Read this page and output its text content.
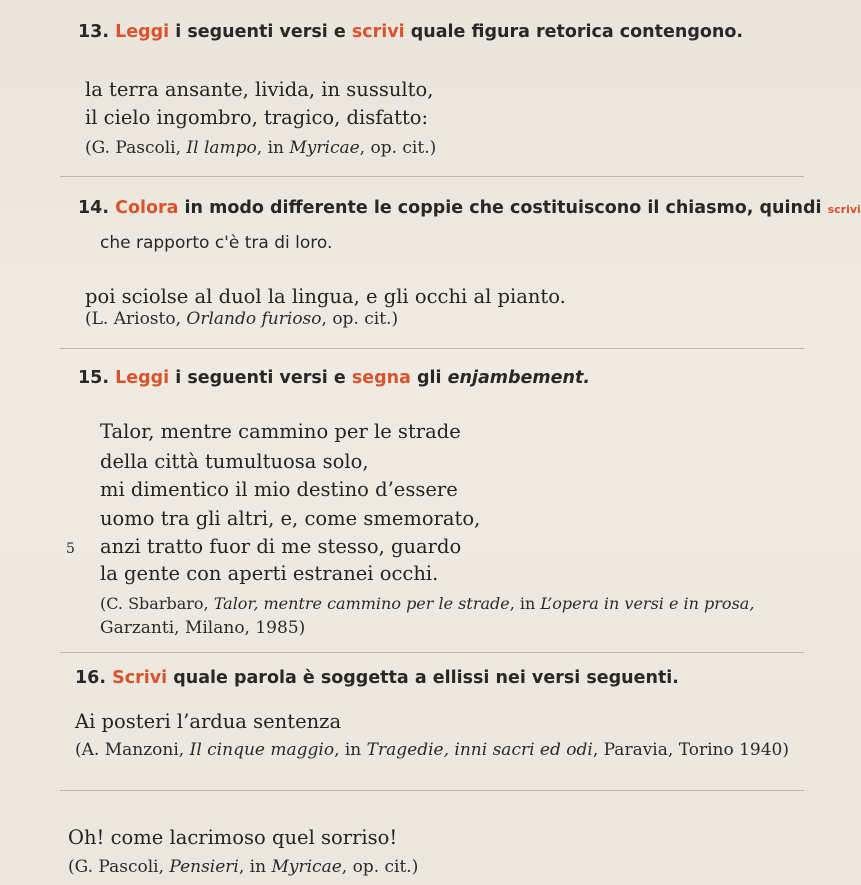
13. Leggi i seguenti versi e scrivi quale figura retorica contengono.
la terra ansante, livida, in sussulto,
il cielo ingombro, tragico, disfatto:
(G. Pascoli, Il lampo, in Myricae, op. cit.)
14. Colora in modo differente le coppie che costituiscono il chiasmo, quindi scrivi
che rapporto c'è tra di loro.
poi sciolse al duol la lingua, e gli occhi al pianto.
(L. Ariosto, Orlando furioso, op. cit.)
15. Leggi i seguenti versi e segna gli enjambement.
Talor, mentre cammino per le strade
della città tumultuosa solo,
mi dimentico il mio destino d’essere
uomo tra gli altri, e, come smemorato,
5 anzi tratto fuor di me stesso, guardo
la gente con aperti estranei occhi.
(C. Sbarbaro, Talor, mentre cammino per le strade, in L’opera in versi e in prosa,
Garzanti, Milano, 1985)
16. Scrivi quale parola è soggetta a ellissi nei versi seguenti.
Ai posteri l’ardua sentenza
(A. Manzoni, Il cinque maggio, in Tragedie, inni sacri ed odi, Paravia, Torino 1940)
Oh! come lacrimoso quel sorriso!
(G. Pascoli, Pensieri, in Myricae, op. cit.)
